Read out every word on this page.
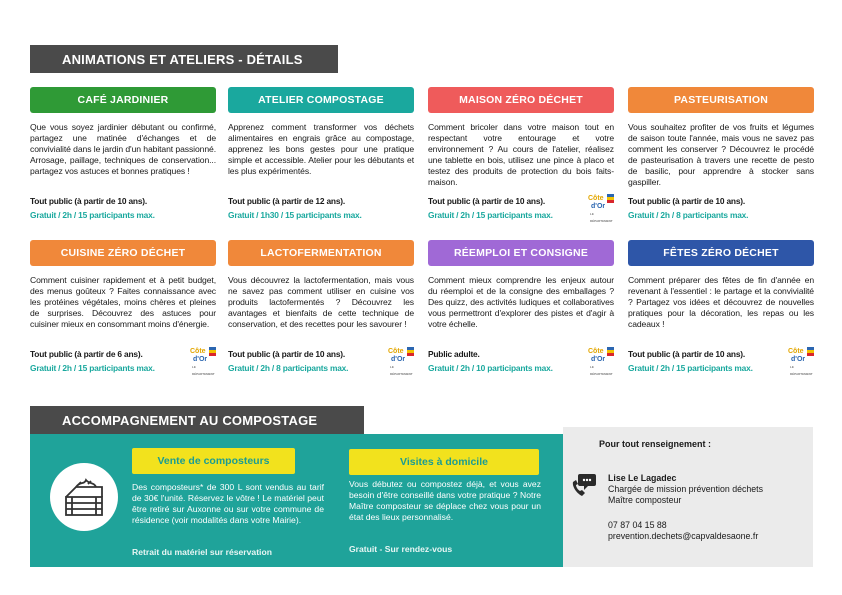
ANIMATIONS ET ATELIERS - DÉTAILS
CAFÉ JARDINIER
Que vous soyez jardinier débutant ou confirmé, partagez une matinée d'échanges et de convivialité dans le jardin d'un habitant passionné. Arrosage, paillage, techniques de conservation... partagez vos astuces et bonnes pratiques !
Tout public (à partir de 10 ans).
Gratuit / 2h / 15 participants max.
ATELIER COMPOSTAGE
Apprenez comment transformer vos déchets alimentaires en engrais grâce au compostage, apprenez les bons gestes pour une pratique simple et accessible. Atelier pour les débutants et les plus expérimentés.
Tout public (à partir de 12 ans).
Gratuit / 1h30 / 15 participants max.
MAISON ZÉRO DÉCHET
Comment bricoler dans votre maison tout en respectant votre entourage et votre environnement ? Au cours de l'atelier, réalisez une tablette en bois, utilisez une pince à placo et testez des produits de protection du bois faits-maison.
Tout public (à partir de 10 ans).
Gratuit / 2h / 15 participants max.
Côte
d'Or
LE DÉPARTEMENT
PASTEURISATION
Vous souhaitez profiter de vos fruits et légumes de saison toute l'année, mais vous ne savez pas comment les conserver ? Découvrez le procédé de pasteurisation à travers une recette de pesto de basilic, pour apprendre à stocker sans gaspiller.
Tout public (à partir de 10 ans).
Gratuit / 2h / 8 participants max.
CUISINE ZÉRO DÉCHET
Comment cuisiner rapidement et à petit budget, des menus goûteux ? Faites connaissance avec les protéines végétales, moins chères et pleines de surprises. Découvrez des astuces pour cuisiner mieux en consommant moins d'énergie.
Tout public (à partir de 6 ans).
Gratuit / 2h / 15 participants max.
Côte
d'Or
LE DÉPARTEMENT
LACTOFERMENTATION
Vous découvrez la lactofermentation, mais vous ne savez pas comment utiliser en cuisine vos produits lactofermentés ? Découvrez les avantages et bienfaits de cette technique de conservation, et des recettes pour les savourer !
Tout public (à partir de 10 ans).
Gratuit / 2h / 8 participants max.
Côte
d'Or
LE DÉPARTEMENT
RÉEMPLOI ET CONSIGNE
Comment mieux comprendre les enjeux autour du réemploi et de la consigne des emballages ? Des quizz, des activités ludiques et collaboratives vous permettront d'explorer des pistes et d'agir à votre échelle.
Public adulte.
Gratuit / 2h / 10 participants max.
Côte
d'Or
LE DÉPARTEMENT
FÊTES ZÉRO DÉCHET
Comment préparer des fêtes de fin d'année en revenant à l'essentiel : le partage et la convivialité ? Partagez vos idées et découvrez de nouvelles pratiques pour la décoration, les repas ou les cadeaux !
Tout public (à partir de 10 ans).
Gratuit / 2h / 15 participants max.
Côte
d'Or
LE DÉPARTEMENT
ACCOMPAGNEMENT AU COMPOSTAGE
Vente de composteurs
Des composteurs* de 300 L sont vendus au tarif de 30€ l'unité. Réservez le vôtre ! Le matériel peut être retiré sur Auxonne ou sur votre commune de résidence (voir modalités dans votre Mairie).
Retrait du matériel sur réservation
Visites à domicile
Vous débutez ou compostez déjà, et vous avez besoin d'être conseillé dans votre pratique ? Notre Maître composteur se déplace chez vous pour un état des lieux personnalisé.
Gratuit - Sur rendez-vous
Pour tout renseignement :
Lise Le Lagadec
Chargée de mission prévention déchets
Maître composteur
07 87 04 15 88
prevention.dechets@capvaldesaone.fr
